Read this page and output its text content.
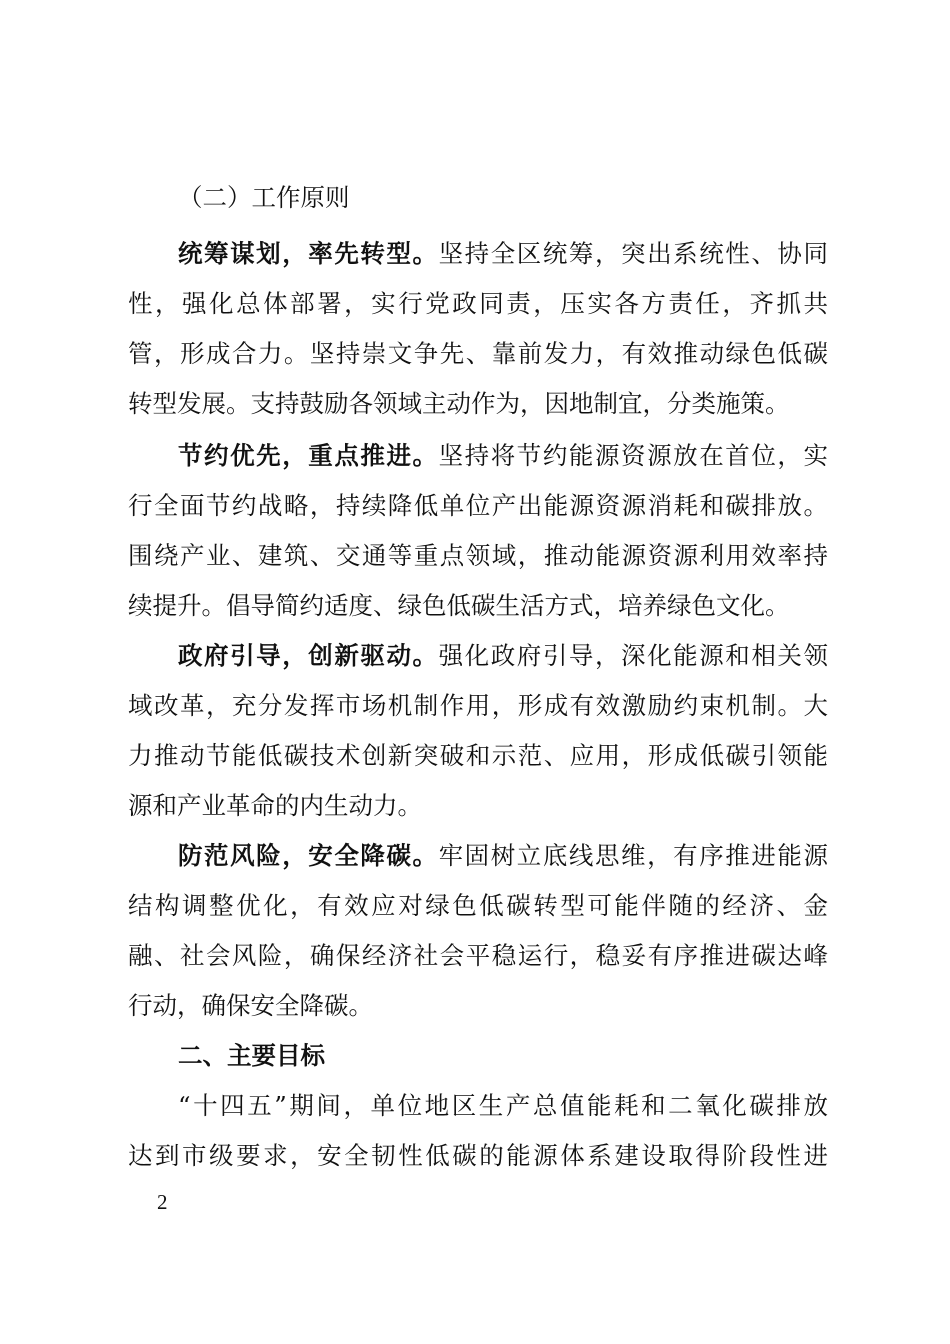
（二）工作原则
统筹谋划，率先转型。坚持全区统筹，突出系统性、协同
性，强化总体部署，实行党政同责，压实各方责任，齐抓共
管，形成合力。坚持崇文争先、靠前发力，有效推动绿色低碳
转型发展。支持鼓励各领域主动作为，因地制宜，分类施策。
节约优先，重点推进。坚持将节约能源资源放在首位，实
行全面节约战略，持续降低单位产出能源资源消耗和碳排放。
围绕产业、建筑、交通等重点领域，推动能源资源利用效率持
续提升。倡导简约适度、绿色低碳生活方式，培养绿色文化。
政府引导，创新驱动。强化政府引导，深化能源和相关领
域改革，充分发挥市场机制作用，形成有效激励约束机制。大
力推动节能低碳技术创新突破和示范、应用，形成低碳引领能
源和产业革命的内生动力。
防范风险，安全降碳。牢固树立底线思维，有序推进能源
结构调整优化，有效应对绿色低碳转型可能伴随的经济、金
融、社会风险，确保经济社会平稳运行，稳妥有序推进碳达峰
行动，确保安全降碳。
二、主要目标
“十四五”期间，单位地区生产总值能耗和二氧化碳排放
达到市级要求，安全韧性低碳的能源体系建设取得阶段性进
2
